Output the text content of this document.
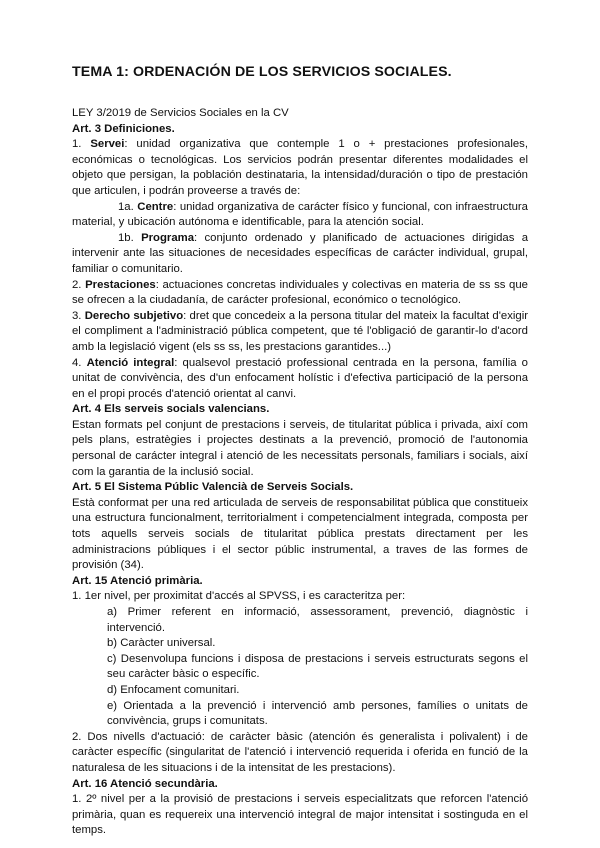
TEMA 1: ORDENACIÓN DE LOS SERVICIOS SOCIALES.

LEY 3/2019 de Servicios Sociales en la CV

Art. 3 Definiciones.

1. Servei: unidad organizativa que contemple 1 o + prestaciones profesionales, económicas o tecnológicas. Los servicios podrán presentar diferentes modalidades el objeto que persigan, la población destinataria, la intensidad/duración o tipo de prestación que articulen, i podrán proveerse a través de:

1a. Centre: unidad organizativa de carácter físico y funcional, con infraestructura material, y ubicación autónoma e identificable, para la atención social.

1b. Programa: conjunto ordenado y planificado de actuaciones dirigidas a intervenir ante las situaciones de necesidades específicas de carácter individual, grupal, familiar o comunitario.

2. Prestaciones: actuaciones concretas individuales y colectivas en materia de ss ss que se ofrecen a la ciudadanía, de carácter profesional, económico o tecnológico.

3. Derecho subjetivo: dret que concedeix a la persona titular del mateix la facultat d'exigir el compliment a l'administració pública competent, que té l'obligació de garantir-lo d'acord amb la legislació vigent (els ss ss, les prestacions garantides...)

4. Atenció integral: qualsevol prestació professional centrada en la persona, família o unitat de convivència, des d'un enfocament holístic i d'efectiva participació de la persona en el propi procés d'atenció orientat al canvi.

Art. 4 Els serveis socials valencians.

Estan formats pel conjunt de prestacions i serveis, de titularitat pública i privada, així com pels plans, estratègies i projectes destinats a la prevenció, promoció de l'autonomia personal de carácter integral i atenció de les necessitats personals, familiars i socials, així com la garantia de la inclusió social.

Art. 5 El Sistema Públic Valencià de Serveis Socials.

Està conformat per una red articulada de serveis de responsabilitat pública que constitueix una estructura funcionalment, territorialment i competencialment integrada, composta per tots aquells serveis socials de titularitat pública prestats directament per les administracions públiques i el sector públic instrumental, a traves de las formes de provisión (34).

Art. 15 Atenció primària.

1. 1er nivel, per proximitat d'accés al SPVSS, i es caracteritza per:

a) Primer referent en informació, assessorament, prevenció, diagnòstic i intervenció.

b) Caràcter universal.

c) Desenvolupa funcions i disposa de prestacions i serveis estructurats segons el seu caràcter bàsic o específic.

d) Enfocament comunitari.

e) Orientada a la prevenció i intervenció amb persones, famílies o unitats de convivència, grups i comunitats.

2. Dos nivells d'actuació: de caràcter bàsic (atención és generalista i polivalent) i de caràcter específic (singularitat de l'atenció i intervenció requerida i oferida en funció de la naturalesa de les situacions i de la intensitat de les prestacions).

Art. 16 Atenció secundària.

1. 2º nivel per a la provisió de prestacions i serveis especialitzats que reforcen l'atenció primària, quan es requereix una intervenció integral de major intensitat i sostinguda en el temps.
